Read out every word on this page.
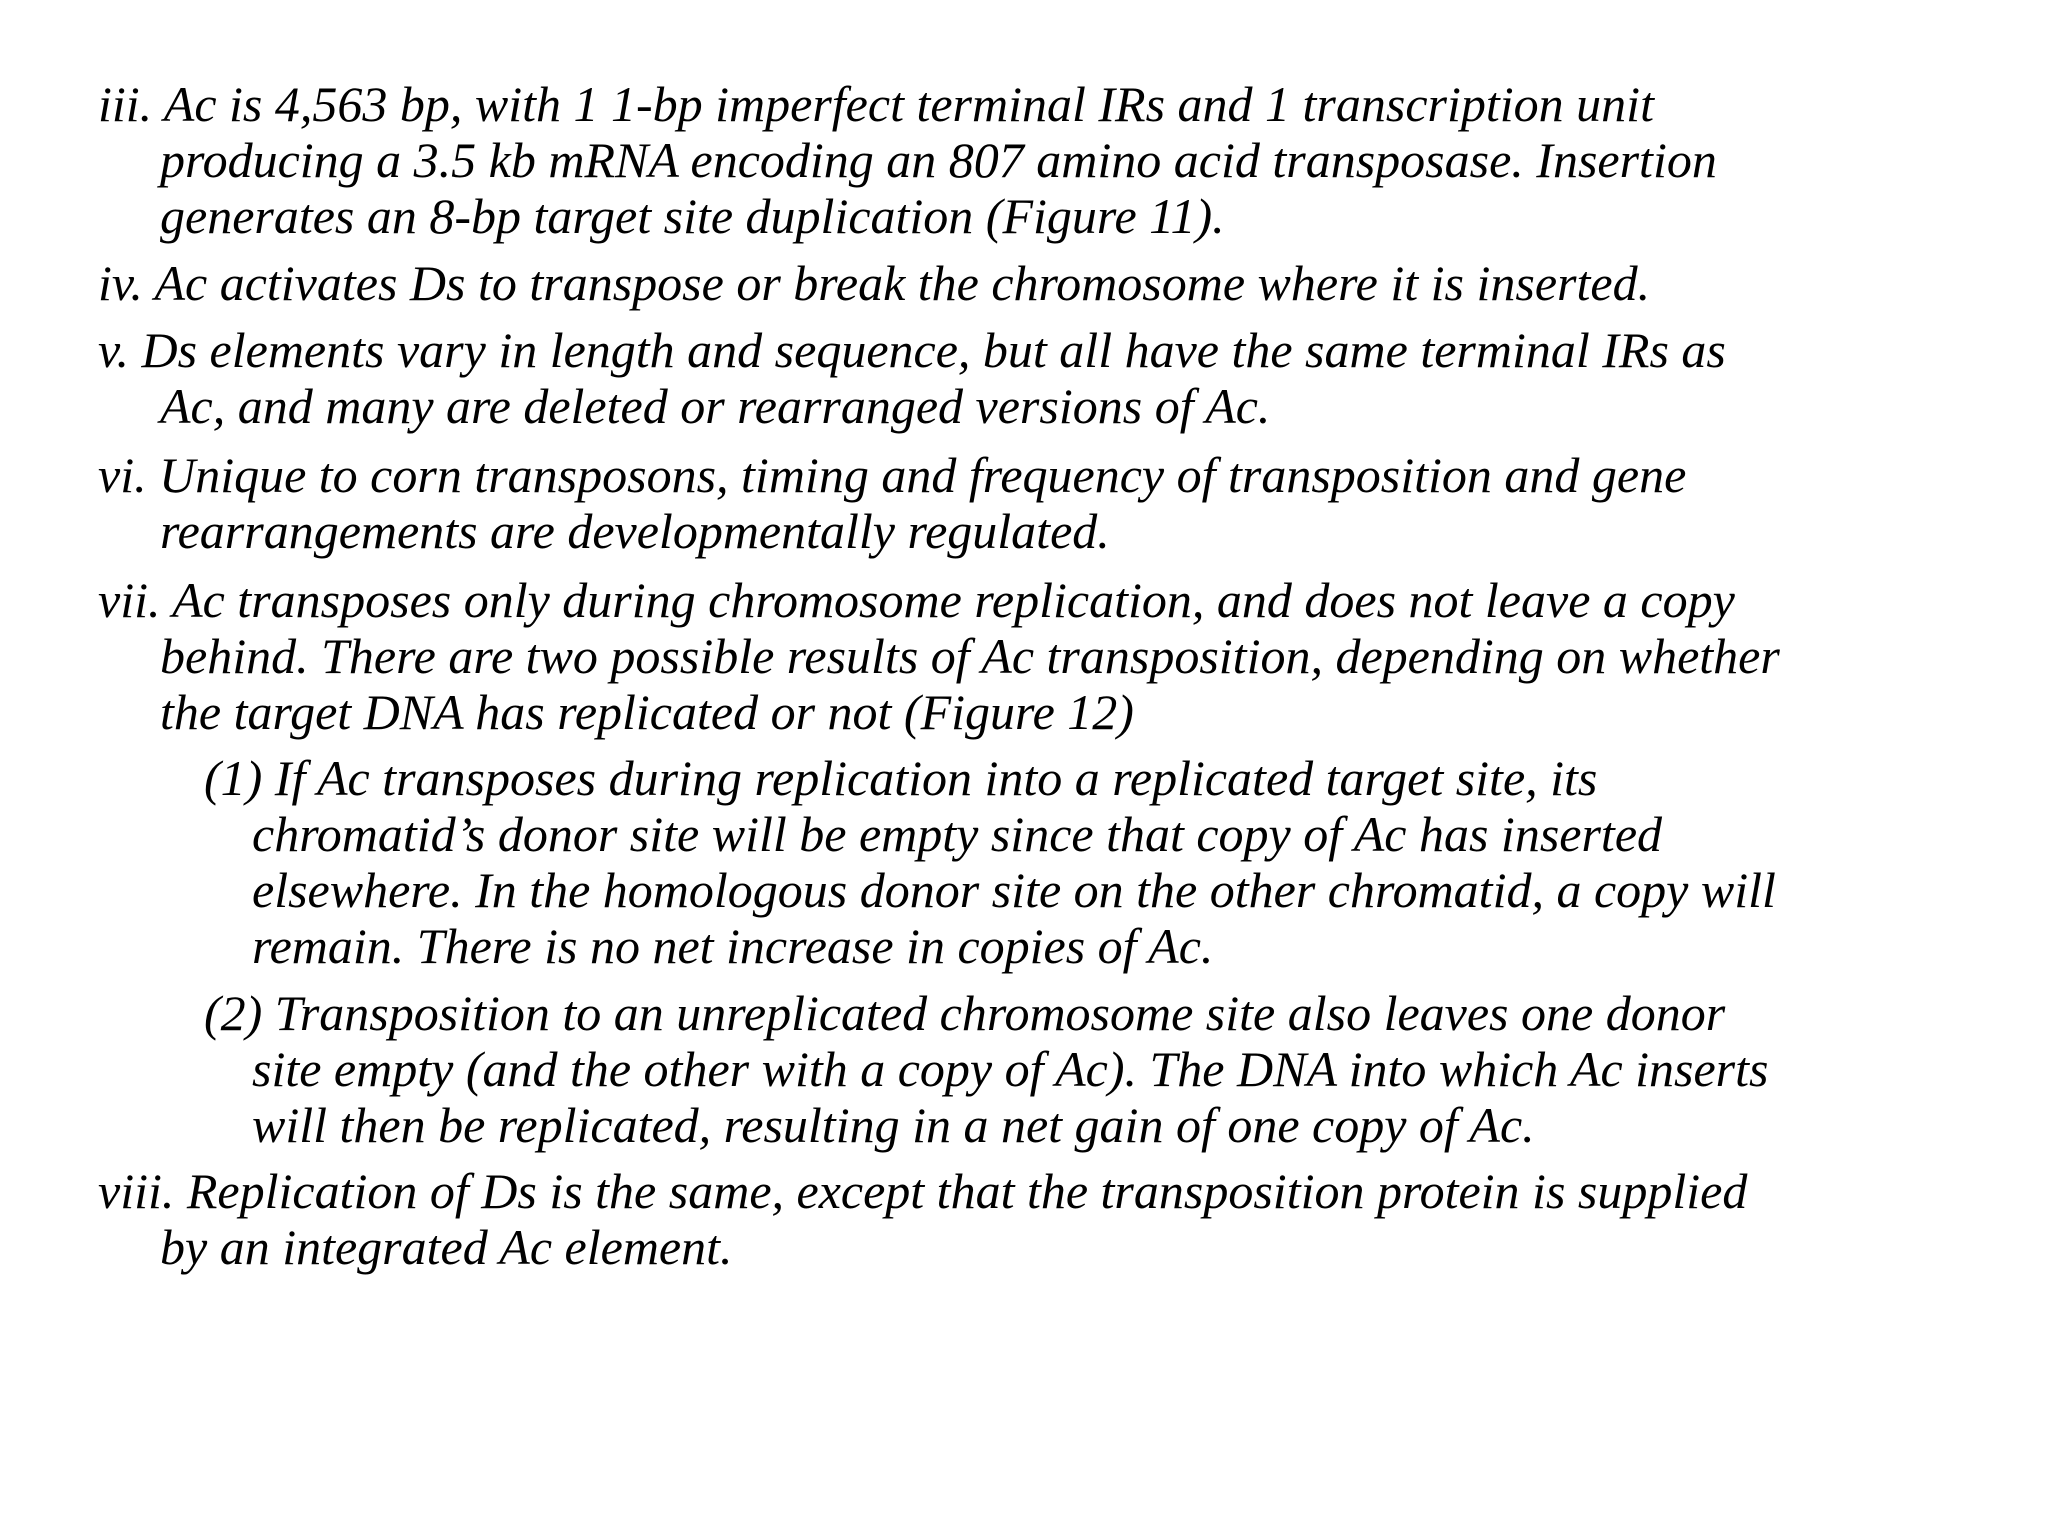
iii. Ac is 4,563 bp, with 1 1-bp imperfect terminal IRs and 1 transcription unit
producing a 3.5 kb mRNA encoding an 807 amino acid transposase. Insertion
generates an 8-bp target site duplication (Figure 11).

iv. Ac activates Ds to transpose or break the chromosome where it is inserted.

v. Ds elements vary in length and sequence, but all have the same terminal IRs as
Ac, and many are deleted or rearranged versions of Ac.

vi. Unique to corn transposons, timing and frequency of transposition and gene
rearrangements are developmentally regulated.

vii. Ac transposes only during chromosome replication, and does not leave a copy
behind. There are two possible results of Ac transposition, depending on whether
the target DNA has replicated or not (Figure 12)

(1) If Ac transposes during replication into a replicated target site, its
chromatid’s donor site will be empty since that copy of Ac has inserted
elsewhere. In the homologous donor site on the other chromatid, a copy will
remain. There is no net increase in copies of Ac.

(2) Transposition to an unreplicated chromosome site also leaves one donor
site empty (and the other with a copy of Ac). The DNA into which Ac inserts
will then be replicated, resulting in a net gain of one copy of Ac.

viii. Replication of Ds is the same, except that the transposition protein is supplied
by an integrated Ac element.
